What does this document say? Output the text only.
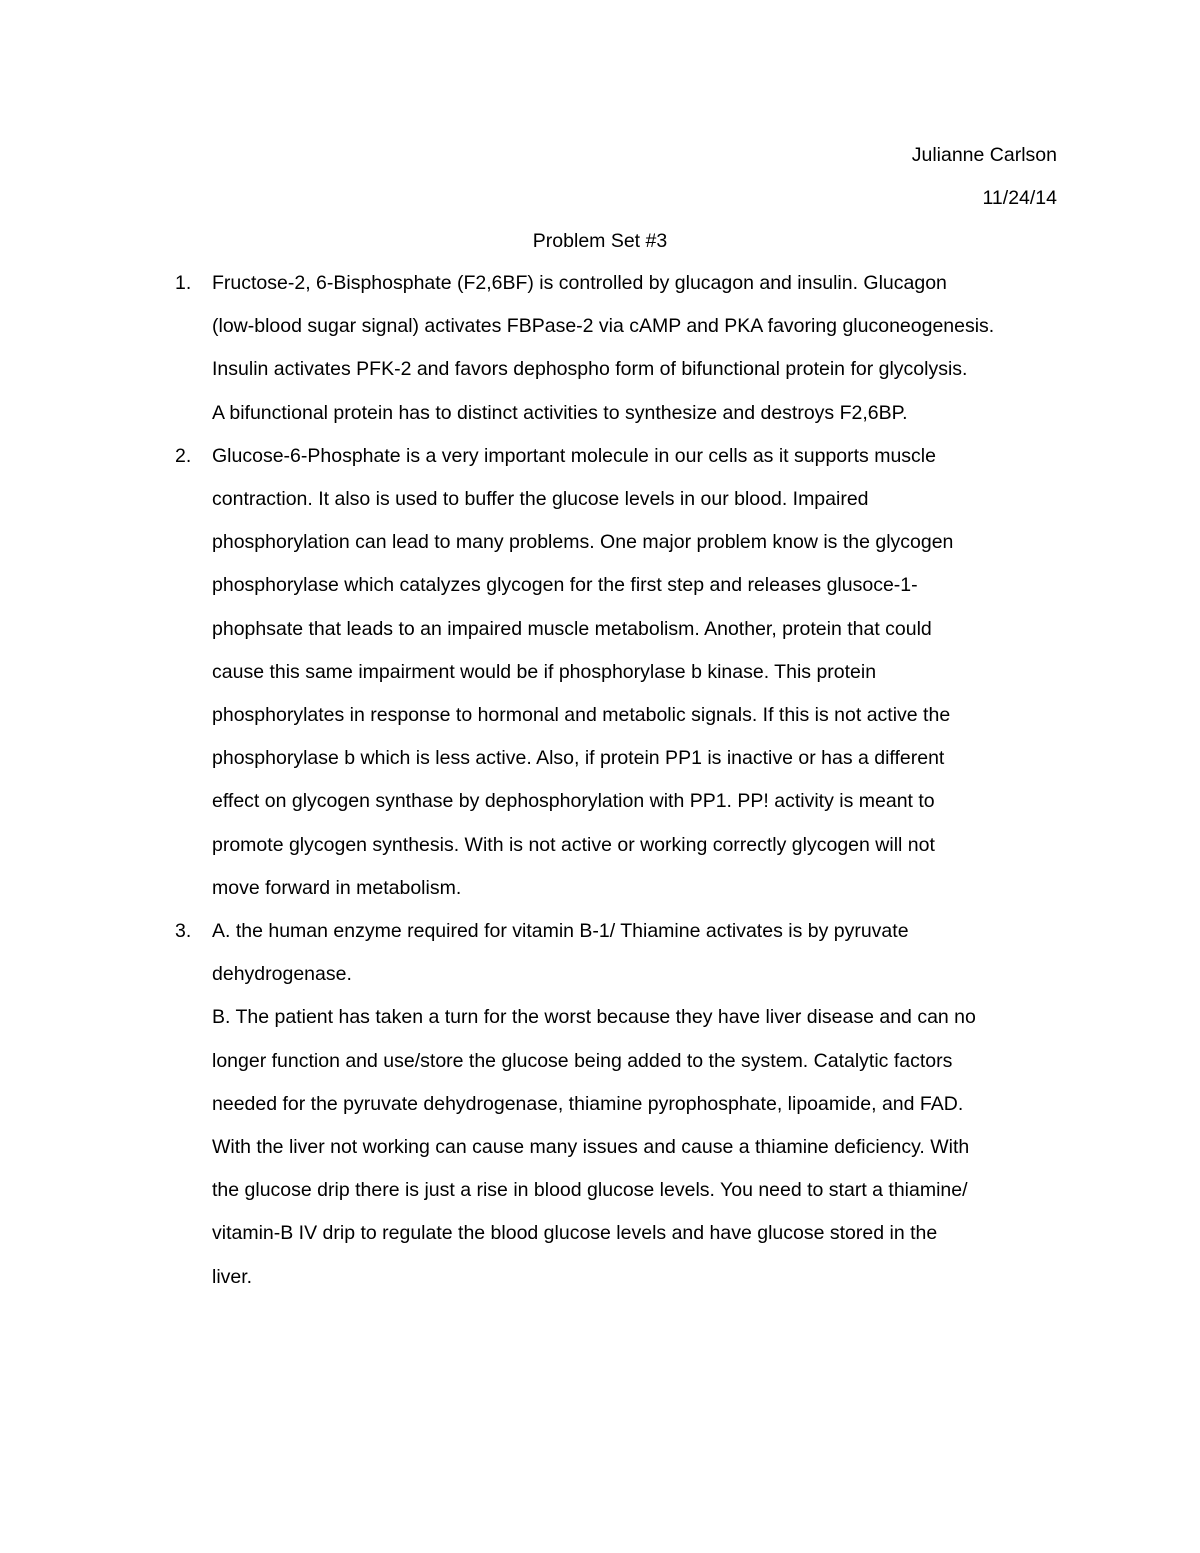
Julianne Carlson
11/24/14
Problem Set #3
1. Fructose-2, 6-Bisphosphate (F2,6BF) is controlled by glucagon and insulin. Glucagon
(low-blood sugar signal) activates FBPase-2 via cAMP and PKA favoring gluconeogenesis.
Insulin activates PFK-2 and favors dephospho form of bifunctional protein for glycolysis.
A bifunctional protein has to distinct activities to synthesize and destroys F2,6BP.
2. Glucose-6-Phosphate is a very important molecule in our cells as it supports muscle
contraction. It also is used to buffer the glucose levels in our blood. Impaired
phosphorylation can lead to many problems. One major problem know is the glycogen
phosphorylase which catalyzes glycogen for the first step and releases glusoce-1-
phophsate that leads to an impaired muscle metabolism. Another, protein that could
cause this same impairment would be if phosphorylase b kinase. This protein
phosphorylates in response to hormonal and metabolic signals. If this is not active the
phosphorylase b which is less active. Also, if protein PP1 is inactive or has a different
effect on glycogen synthase by dephosphorylation with PP1. PP! activity is meant to
promote glycogen synthesis. With is not active or working correctly glycogen will not
move forward in metabolism.
3. A. the human enzyme required for vitamin B-1/ Thiamine activates is by pyruvate
dehydrogenase.
B. The patient has taken a turn for the worst because they have liver disease and can no
longer function and use/store the glucose being added to the system. Catalytic factors
needed for the pyruvate dehydrogenase, thiamine pyrophosphate, lipoamide, and FAD.
With the liver not working can cause many issues and cause a thiamine deficiency. With
the glucose drip there is just a rise in blood glucose levels. You need to start a thiamine/
vitamin-B IV drip to regulate the blood glucose levels and have glucose stored in the
liver.
